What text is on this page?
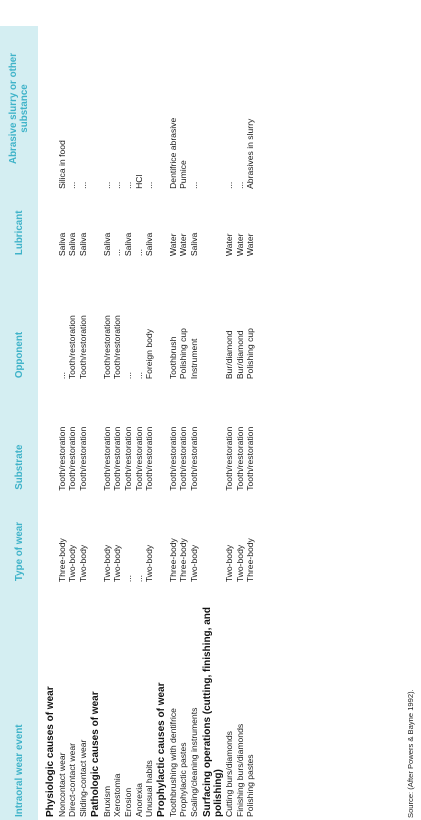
Intraoral wear event	Type of wear	Substrate	Opponent	Lubricant	Abrasive slurry or other substance

Physiologic causes of wear					
Noncontact wear	Three-body	Tooth/restoration	...	Saliva	Silica in food
Direct-contact wear	Two-body	Tooth/restoration	Tooth/restoration	Saliva	...
Sliding-contact wear	Two-body	Tooth/restoration	Tooth/restoration	Saliva	...
Pathologic causes of wear					
Bruxism	Two-body	Tooth/restoration	Tooth/restoration	Saliva	...
Xerostomia	Two-body	Tooth/restoration	Tooth/restoration	...	...
Erosion	...	Tooth/restoration	...	Saliva	...
Anorexia	...	Tooth/restoration	...	...	HCl
Unusual habits	Two-body	Tooth/restoration	Foreign body	Saliva	...
Prophylactic causes of wear					
Toothbrushing with dentifrice	Three-body	Tooth/restoration	Toothbrush	Water	Dentifrice abrasive
Prophylactic pastes	Three-body	Tooth/restoration	Polishing cup	Water	Pumice
Scaling/cleaning instruments	Two-body	Tooth/restoration	Instrument	Saliva	...
Surfacing operations (cutting, finishing, and polishing)					
Cutting burs/diamonds	Two-body	Tooth/restoration	Bur/diamond	Water	...
Finishing burs/diamonds	Two-body	Tooth/restoration	Bur/diamond	Water	...
Polishing pastes	Three-body	Tooth/restoration	Polishing cup	Water	Abrasives in slurry
Source: (After Powers & Bayne 1992).
